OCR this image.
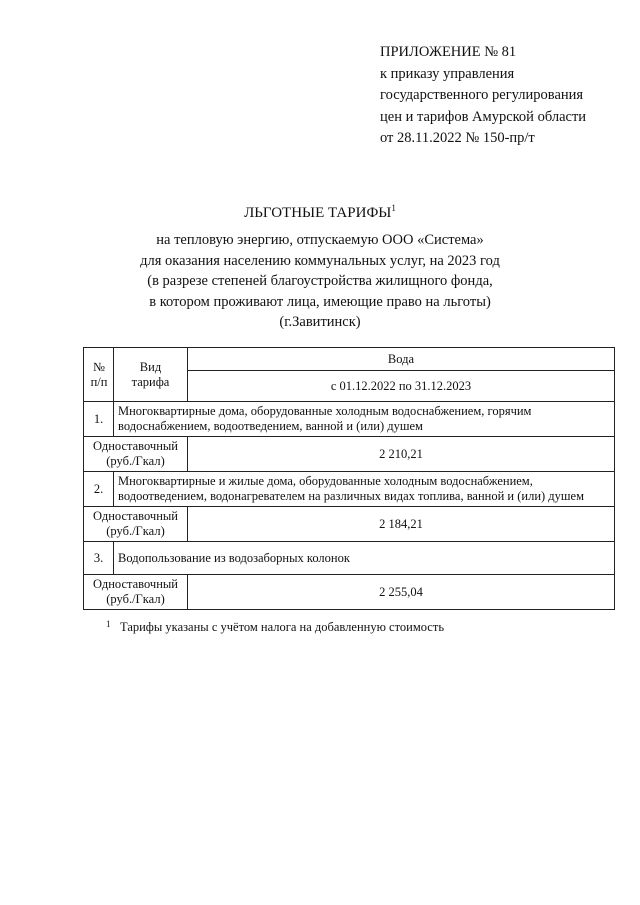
ПРИЛОЖЕНИЕ № 81
к приказу управления
государственного регулирования
цен и тарифов Амурской области
от 28.11.2022 № 150-пр/т
ЛЬГОТНЫЕ ТАРИФЫ$^1$
на тепловую энергию, отпускаемую ООО «Система»
для оказания населению коммунальных услуг, на 2023 год
(в разрезе степеней благоустройства жилищного фонда,
в котором проживают лица, имеющие право на льготы)
(г.Завитинск)
№ п/п	Вид тарифа	Вода
		с 01.12.2022 по 31.12.2023
1.	Многоквартирные дома, оборудованные холодным водоснабжением, горячим водоснабжением, водоотведением, ванной и (или) душем	
Одноставочный (руб./Гкал)		2 210,21
2.	Многоквартирные и жилые дома, оборудованные холодным водоснабжением, водоотведением, водонагревателем на различных видах топлива, ванной и (или) душем	
Одноставочный (руб./Гкал)		2 184,21
3.	Водопользование из водозаборных колонок	
Одноставочный (руб./Гкал)		2 255,04
1 Тарифы указаны с учётом налога на добавленную стоимость
